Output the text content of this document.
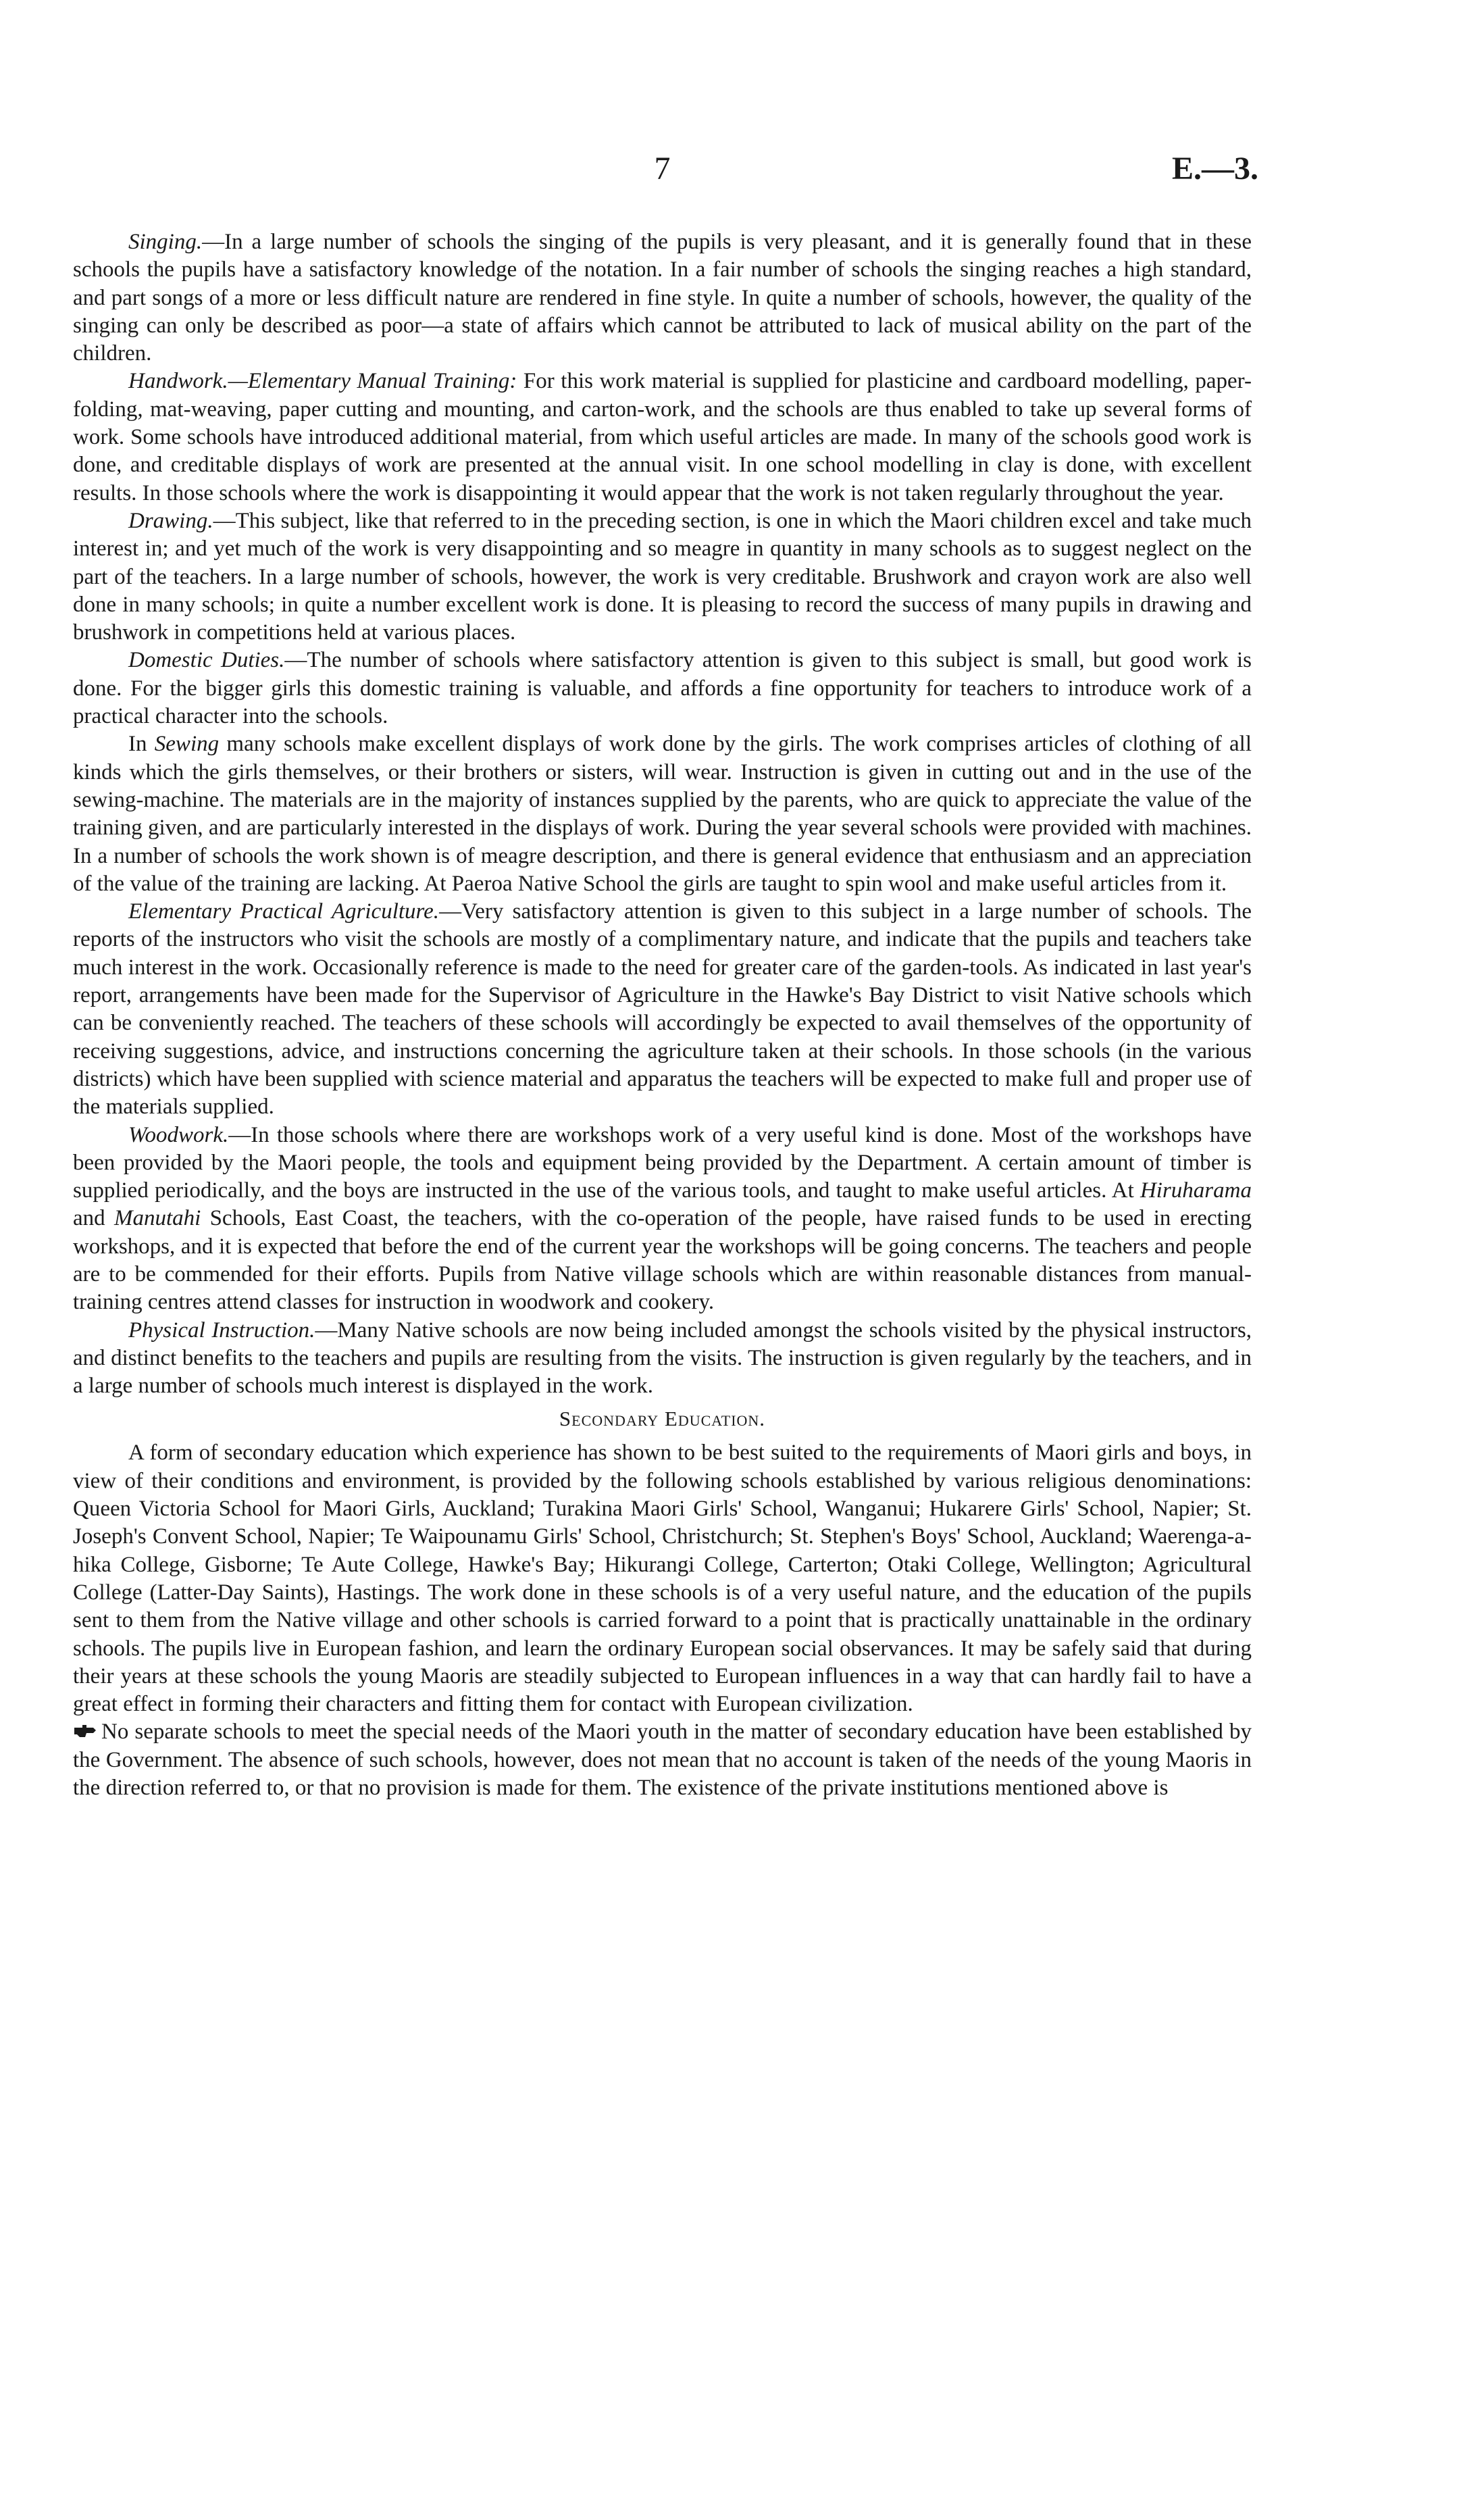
7	E.—3.

Singing.—In a large number of schools the singing of the pupils is very pleasant, and it is generally found that in these schools the pupils have a satisfactory knowledge of the notation. In a fair number of schools the singing reaches a high standard, and part songs of a more or less difficult nature are rendered in fine style. In quite a number of schools, however, the quality of the singing can only be described as poor—a state of affairs which cannot be attributed to lack of musical ability on the part of the children.

Handwork.—Elementary Manual Training: For this work material is supplied for plasticine and cardboard modelling, paper-folding, mat-weaving, paper cutting and mounting, and carton-work, and the schools are thus enabled to take up several forms of work. Some schools have introduced additional material, from which useful articles are made. In many of the schools good work is done, and creditable displays of work are presented at the annual visit. In one school modelling in clay is done, with excellent results. In those schools where the work is disappointing it would appear that the work is not taken regularly throughout the year.

Drawing.—This subject, like that referred to in the preceding section, is one in which the Maori children excel and take much interest in; and yet much of the work is very disappointing and so meagre in quantity in many schools as to suggest neglect on the part of the teachers. In a large number of schools, however, the work is very creditable. Brushwork and crayon work are also well done in many schools; in quite a number excellent work is done. It is pleasing to record the success of many pupils in drawing and brushwork in competitions held at various places.

Domestic Duties.—The number of schools where satisfactory attention is given to this subject is small, but good work is done. For the bigger girls this domestic training is valuable, and affords a fine opportunity for teachers to introduce work of a practical character into the schools.

In Sewing many schools make excellent displays of work done by the girls. The work comprises articles of clothing of all kinds which the girls themselves, or their brothers or sisters, will wear. Instruction is given in cutting out and in the use of the sewing-machine. The materials are in the majority of instances supplied by the parents, who are quick to appreciate the value of the training given, and are particularly interested in the displays of work. During the year several schools were provided with machines. In a number of schools the work shown is of meagre description, and there is general evidence that enthusiasm and an appreciation of the value of the training are lacking. At Paeroa Native School the girls are taught to spin wool and make useful articles from it.

Elementary Practical Agriculture.—Very satisfactory attention is given to this subject in a large number of schools. The reports of the instructors who visit the schools are mostly of a complimentary nature, and indicate that the pupils and teachers take much interest in the work. Occasionally reference is made to the need for greater care of the garden-tools. As indicated in last year's report, arrangements have been made for the Supervisor of Agriculture in the Hawke's Bay District to visit Native schools which can be conveniently reached. The teachers of these schools will accordingly be expected to avail themselves of the opportunity of receiving suggestions, advice, and instructions concerning the agriculture taken at their schools. In those schools (in the various districts) which have been supplied with science material and apparatus the teachers will be expected to make full and proper use of the materials supplied.

Woodwork.—In those schools where there are workshops work of a very useful kind is done. Most of the workshops have been provided by the Maori people, the tools and equipment being provided by the Department. A certain amount of timber is supplied periodically, and the boys are instructed in the use of the various tools, and taught to make useful articles. At Hiruharama and Manutahi Schools, East Coast, the teachers, with the co-operation of the people, have raised funds to be used in erecting workshops, and it is expected that before the end of the current year the workshops will be going concerns. The teachers and people are to be commended for their efforts. Pupils from Native village schools which are within reasonable distances from manual-training centres attend classes for instruction in woodwork and cookery.

Physical Instruction.—Many Native schools are now being included amongst the schools visited by the physical instructors, and distinct benefits to the teachers and pupils are resulting from the visits. The instruction is given regularly by the teachers, and in a large number of schools much interest is displayed in the work.

Secondary Education.

A form of secondary education which experience has shown to be best suited to the requirements of Maori girls and boys, in view of their conditions and environment, is provided by the following schools established by various religious denominations: Queen Victoria School for Maori Girls, Auckland; Turakina Maori Girls' School, Wanganui; Hukarere Girls' School, Napier; St. Joseph's Convent School, Napier; Te Waipounamu Girls' School, Christchurch; St. Stephen's Boys' School, Auckland; Waerenga-a-hika College, Gisborne; Te Aute College, Hawke's Bay; Hikurangi College, Carterton; Otaki College, Wellington; Agricultural College (Latter-Day Saints), Hastings. The work done in these schools is of a very useful nature, and the education of the pupils sent to them from the Native village and other schools is carried forward to a point that is practically unattainable in the ordinary schools. The pupils live in European fashion, and learn the ordinary European social observances. It may be safely said that during their years at these schools the young Maoris are steadily subjected to European influences in a way that can hardly fail to have a great effect in forming their characters and fitting them for contact with European civilization.

No separate schools to meet the special needs of the Maori youth in the matter of secondary education have been established by the Government. The absence of such schools, however, does not mean that no account is taken of the needs of the young Maoris in the direction referred to, or that no provision is made for them. The existence of the private institutions mentioned above is
